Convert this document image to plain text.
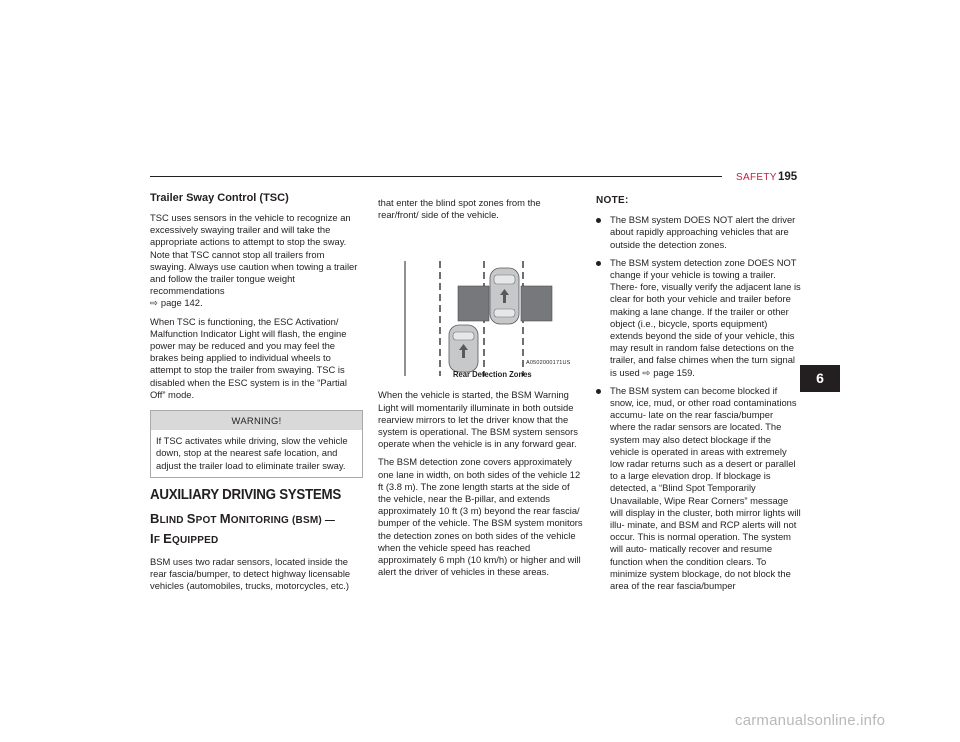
SAFETY 195
6
Trailer Sway Control (TSC)

TSC uses sensors in the vehicle to recognize an excessively swaying trailer and will take the appropriate actions to attempt to stop the sway. Note that TSC cannot stop all trailers from swaying. Always use caution when towing a trailer and follow the trailer tongue weight recommendations
⇨ page 142.

When TSC is functioning, the ESC Activation/ Malfunction Indicator Light will flash, the engine power may be reduced and you may feel the brakes being applied to individual wheels to attempt to stop the trailer from swaying. TSC is disabled when the ESC system is in the “Partial Off” mode.

WARNING!
If TSC activates while driving, slow the vehicle down, stop at the nearest safe location, and adjust the trailer load to eliminate trailer sway.
AUXILIARY DRIVING SYSTEMS
BLIND SPOT MONITORING (BSM) —
IF EQUIPPED

BSM uses two radar sensors, located inside the rear fascia/bumper, to detect highway licensable vehicles (automobiles, trucks, motorcycles, etc.)

that enter the blind spot zones from the rear/front/ side of the vehicle.

A0502000171US
Rear Detection Zones

When the vehicle is started, the BSM Warning Light will momentarily illuminate in both outside rearview mirrors to let the driver know that the system is operational. The BSM system sensors operate when the vehicle is in any forward gear.

The BSM detection zone covers approximately one lane in width, on both sides of the vehicle 12 ft (3.8 m). The zone length starts at the side of the vehicle, near the B-pillar, and extends approximately 10 ft (3 m) beyond the rear fascia/ bumper of the vehicle. The BSM system monitors the detection zones on both sides of the vehicle when the vehicle speed has reached approximately 6 mph (10 km/h) or higher and will alert the driver of vehicles in these areas.

NOTE:
The BSM system DOES NOT alert the driver about rapidly approaching vehicles that are outside the detection zones.
The BSM system detection zone DOES NOT change if your vehicle is towing a trailer. There- fore, visually verify the adjacent lane is clear for both your vehicle and trailer before making a lane change. If the trailer or other object (i.e., bicycle, sports equipment) extends beyond the side of your vehicle, this may result in random false detections on the trailer, and false chimes when the turn signal is used ⇨ page 159.
The BSM system can become blocked if snow, ice, mud, or other road contaminations accumu- late on the rear fascia/bumper where the radar sensors are located. The system may also detect blockage if the vehicle is operated in areas with extremely low radar returns such as a desert or parallel to a large elevation drop. If blockage is detected, a “Blind Spot Temporarily Unavailable, Wipe Rear Corners” message will display in the cluster, both mirror lights will illu- minate, and BSM and RCP alerts will not occur. This is normal operation. The system will auto- matically recover and resume function when the condition clears. To minimize system blockage, do not block the area of the rear fascia/bumper
carmanualsonline.info
